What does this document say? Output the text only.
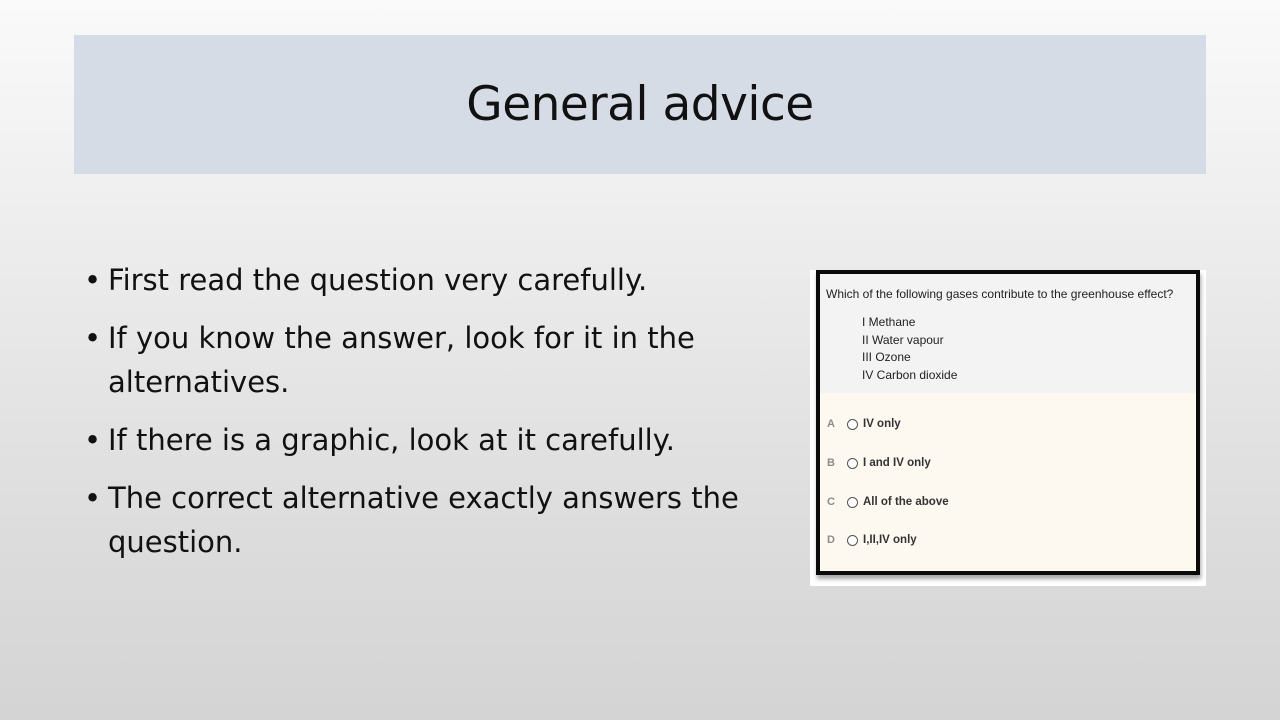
General advice
• First read the question very carefully.
• If you know the answer, look for it in the alternatives.
• If there is a graphic, look at it carefully.
• The correct alternative exactly answers the question.
Which of the following gases contribute to the greenhouse effect?
I Methane
II Water vapour
III Ozone
IV Carbon dioxide
A	IV only
B	I and IV only
C	All of the above
D	I,II,IV only
